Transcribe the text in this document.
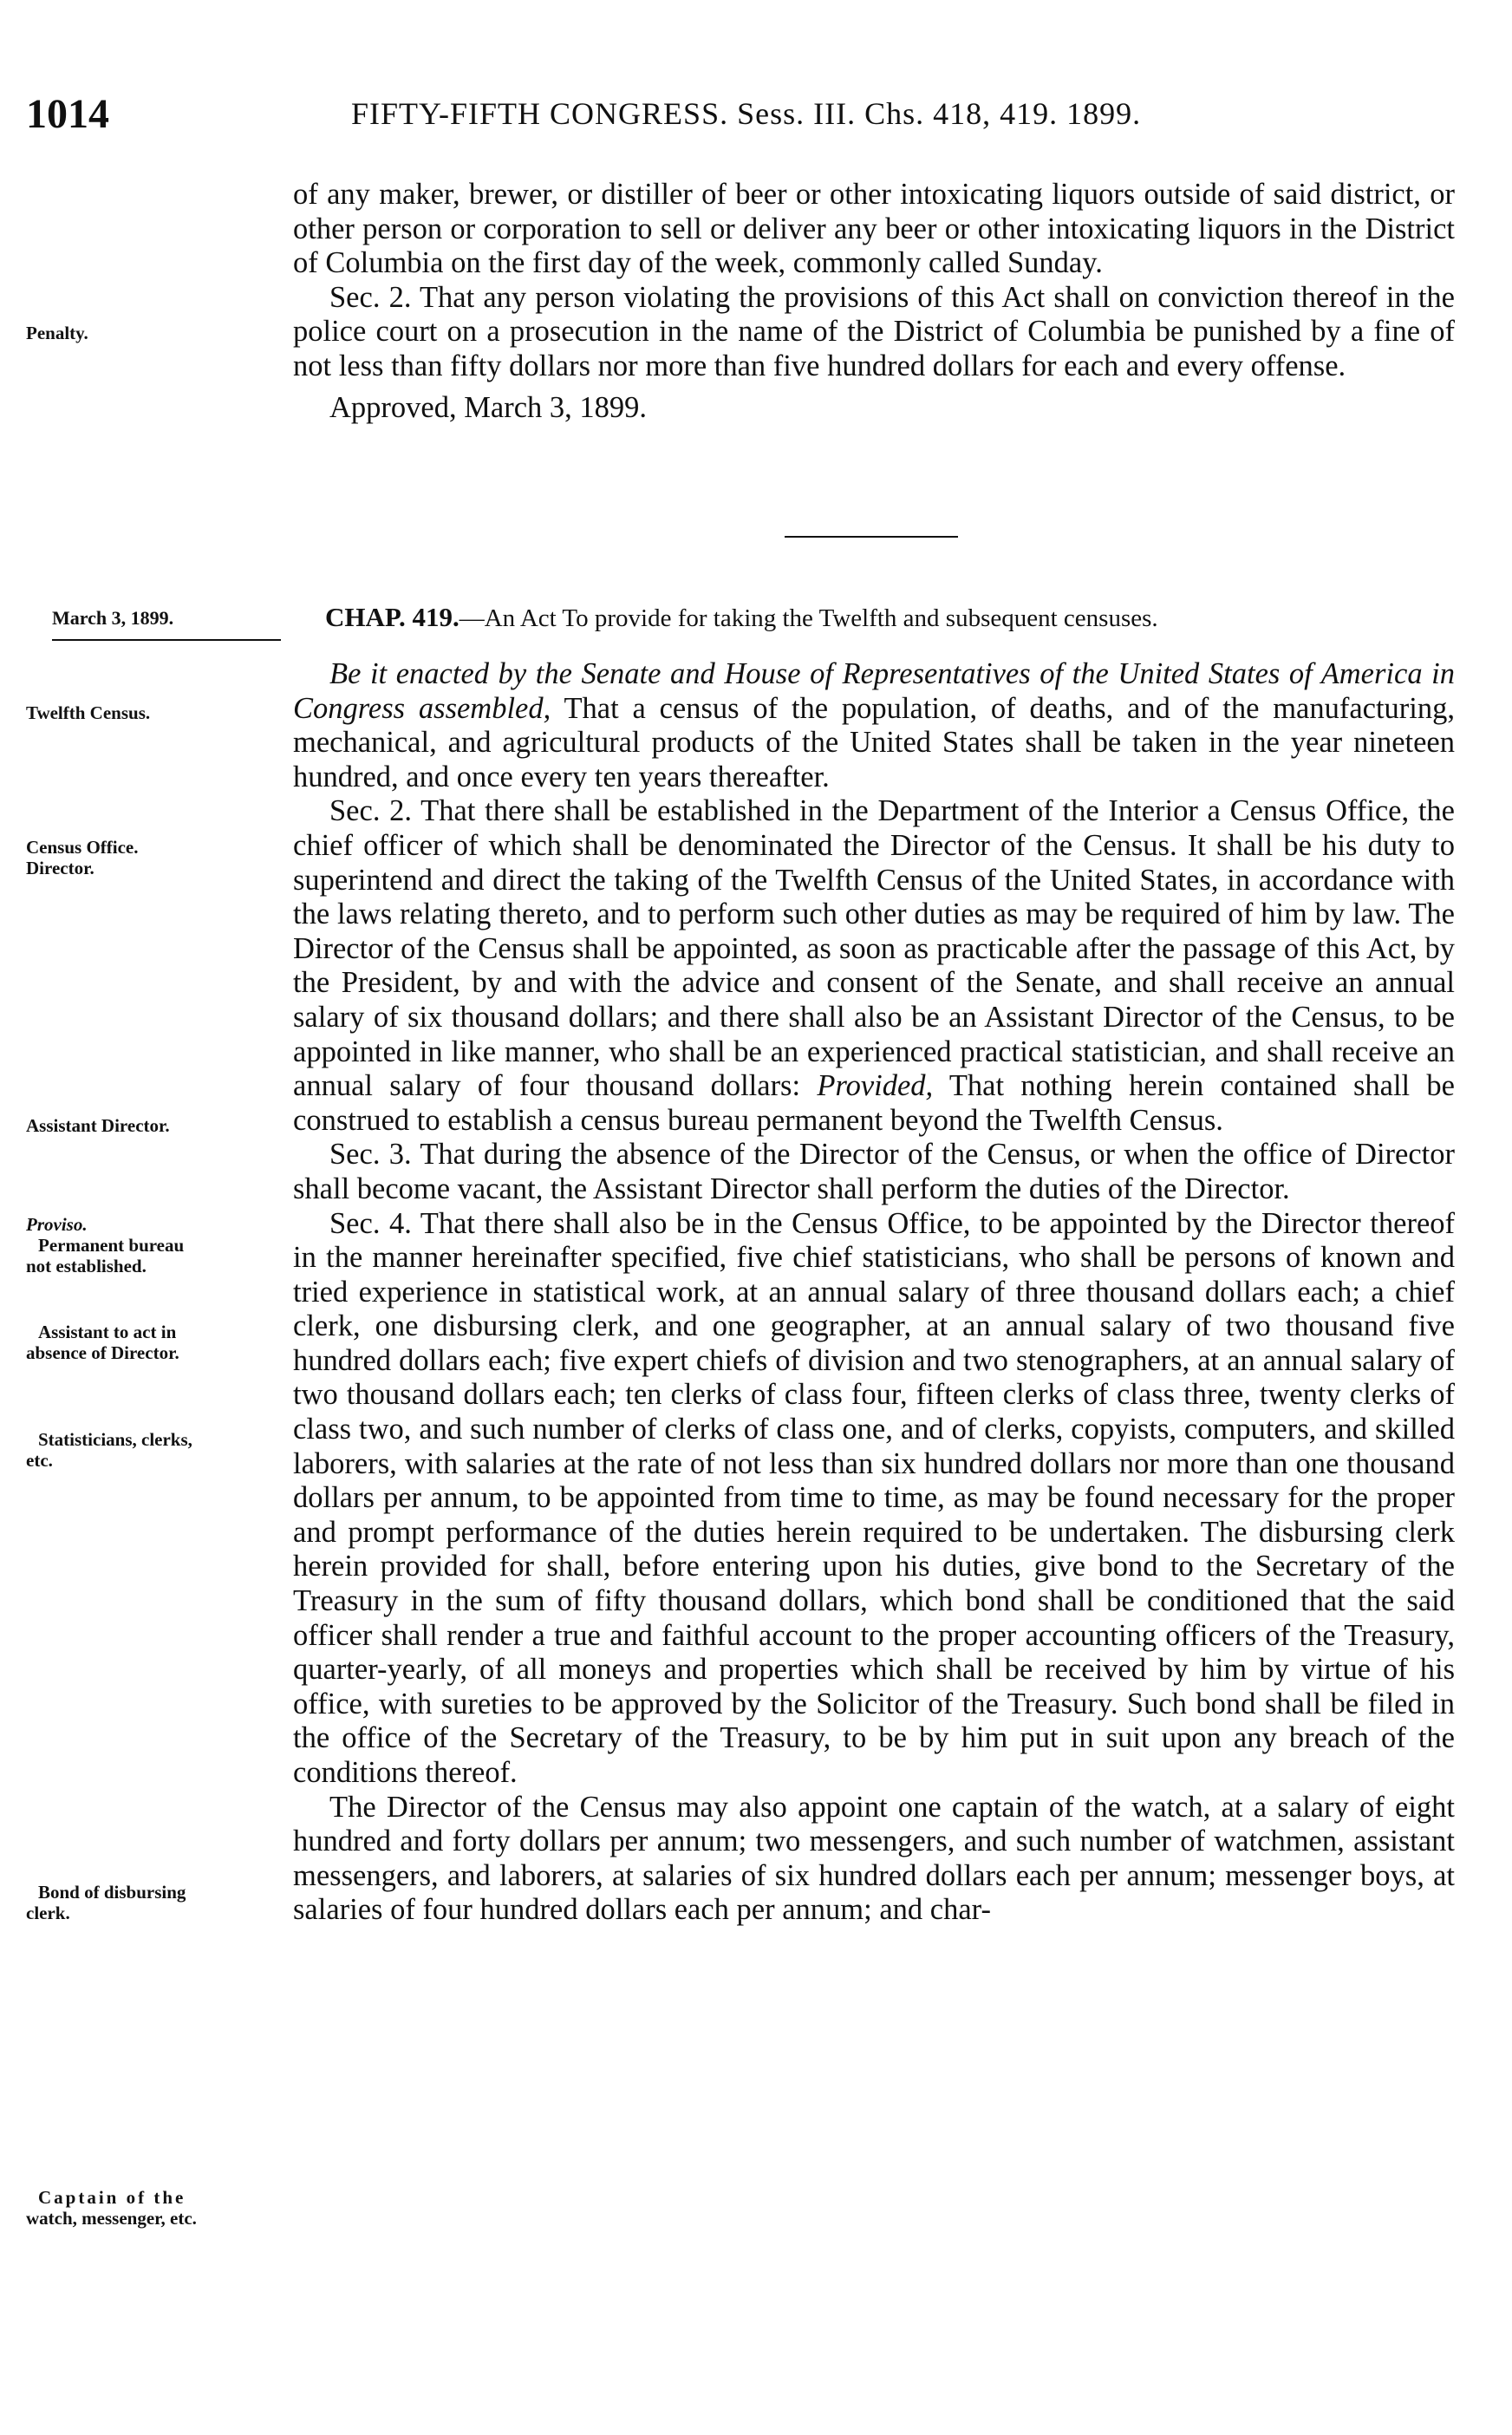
1014	FIFTY-FIFTH CONGRESS. Sess. III. Chs. 418, 419. 1899.

of any maker, brewer, or distiller of beer or other intoxicating liquors outside of said district, or other person or corporation to sell or deliver any beer or other intoxicating liquors in the District of Columbia on the first day of the week, commonly called Sunday.

Sec. 2. That any person violating the provisions of this Act shall on conviction thereof in the police court on a prosecution in the name of the District of Columbia be punished by a fine of not less than fifty dollars nor more than five hundred dollars for each and every offense.

Approved, March 3, 1899.

Penalty.
March 3, 1899.	CHAP. 419.—An Act To provide for taking the Twelfth and subsequent censuses.

Be it enacted by the Senate and House of Representatives of the United States of America in Congress assembled, That a census of the population, of deaths, and of the manufacturing, mechanical, and agricultural products of the United States shall be taken in the year nineteen hundred, and once every ten years thereafter.

Sec. 2. That there shall be established in the Department of the Interior a Census Office, the chief officer of which shall be denominated the Director of the Census. It shall be his duty to superintend and direct the taking of the Twelfth Census of the United States, in accordance with the laws relating thereto, and to perform such other duties as may be required of him by law. The Director of the Census shall be appointed, as soon as practicable after the passage of this Act, by the President, by and with the advice and consent of the Senate, and shall receive an annual salary of six thousand dollars; and there shall also be an Assistant Director of the Census, to be appointed in like manner, who shall be an experienced practical statistician, and shall receive an annual salary of four thousand dollars: Provided, That nothing herein contained shall be construed to establish a census bureau permanent beyond the Twelfth Census.

Sec. 3. That during the absence of the Director of the Census, or when the office of Director shall become vacant, the Assistant Director shall perform the duties of the Director.

Sec. 4. That there shall also be in the Census Office, to be appointed by the Director thereof in the manner hereinafter specified, five chief statisticians, who shall be persons of known and tried experience in statistical work, at an annual salary of three thousand dollars each; a chief clerk, one disbursing clerk, and one geographer, at an annual salary of two thousand five hundred dollars each; five expert chiefs of division and two stenographers, at an annual salary of two thousand dollars each; ten clerks of class four, fifteen clerks of class three, twenty clerks of class two, and such number of clerks of class one, and of clerks, copyists, computers, and skilled laborers, with salaries at the rate of not less than six hundred dollars nor more than one thousand dollars per annum, to be appointed from time to time, as may be found necessary for the proper and prompt performance of the duties herein required to be undertaken. The disbursing clerk herein provided for shall, before entering upon his duties, give bond to the Secretary of the Treasury in the sum of fifty thousand dollars, which bond shall be conditioned that the said officer shall render a true and faithful account to the proper accounting officers of the Treasury, quarter-yearly, of all moneys and properties which shall be received by him by virtue of his office, with sureties to be approved by the Solicitor of the Treasury. Such bond shall be filed in the office of the Secretary of the Treasury, to be by him put in suit upon any breach of the conditions thereof.

The Director of the Census may also appoint one captain of the watch, at a salary of eight hundred and forty dollars per annum; two messengers, and such number of watchmen, assistant messengers, and laborers, at salaries of six hundred dollars each per annum; messenger boys, at salaries of four hundred dollars each per annum; and char-

Twelfth Census.
Census Office.
Director.
Assistant Director.
Proviso.
Permanent bureau
not established.
Assistant to act in
absence of Director.
Statisticians, clerks,
etc.
Bond of disbursing
clerk.
Captain of the
watch, messenger, etc.
